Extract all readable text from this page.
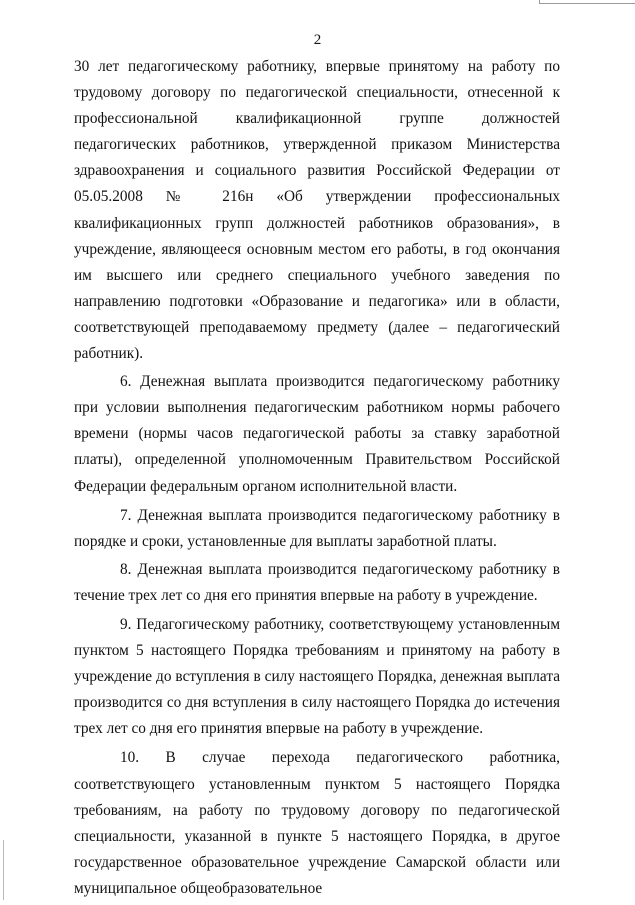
2

30 лет педагогическому работнику, впервые принятому на работу по трудовому договору по педагогической специальности, отнесенной к профессиональной квалификационной группе должностей педагогических работников, утвержденной приказом Министерства здравоохранения и социального развития Российской Федерации от 05.05.2008 № 216н «Об утверждении профессиональных квалификационных групп должностей работников образования», в учреждение, являющееся основным местом его работы, в год окончания им высшего или среднего специального учебного заведения по направлению подготовки «Образование и педагогика» или в области, соответствующей преподаваемому предмету (далее – педагогический работник).

6. Денежная выплата производится педагогическому работнику при условии выполнения педагогическим работником нормы рабочего времени (нормы часов педагогической работы за ставку заработной платы), определенной уполномоченным Правительством Российской Федерации федеральным органом исполнительной власти.

7. Денежная выплата производится педагогическому работнику в порядке и сроки, установленные для выплаты заработной платы.

8. Денежная выплата производится педагогическому работнику в течение трех лет со дня его принятия впервые на работу в учреждение.

9. Педагогическому работнику, соответствующему установленным пунктом 5 настоящего Порядка требованиям и принятому на работу в учреждение до вступления в силу настоящего Порядка, денежная выплата производится со дня вступления в силу настоящего Порядка до истечения трех лет со дня его принятия впервые на работу в учреждение.

10. В случае перехода педагогического работника, соответствующего установленным пунктом 5 настоящего Порядка требованиям, на работу по трудовому договору по педагогической специальности, указанной в пункте 5 настоящего Порядка, в другое государственное образовательное учреждение Самарской области или муниципальное общеобразовательное
